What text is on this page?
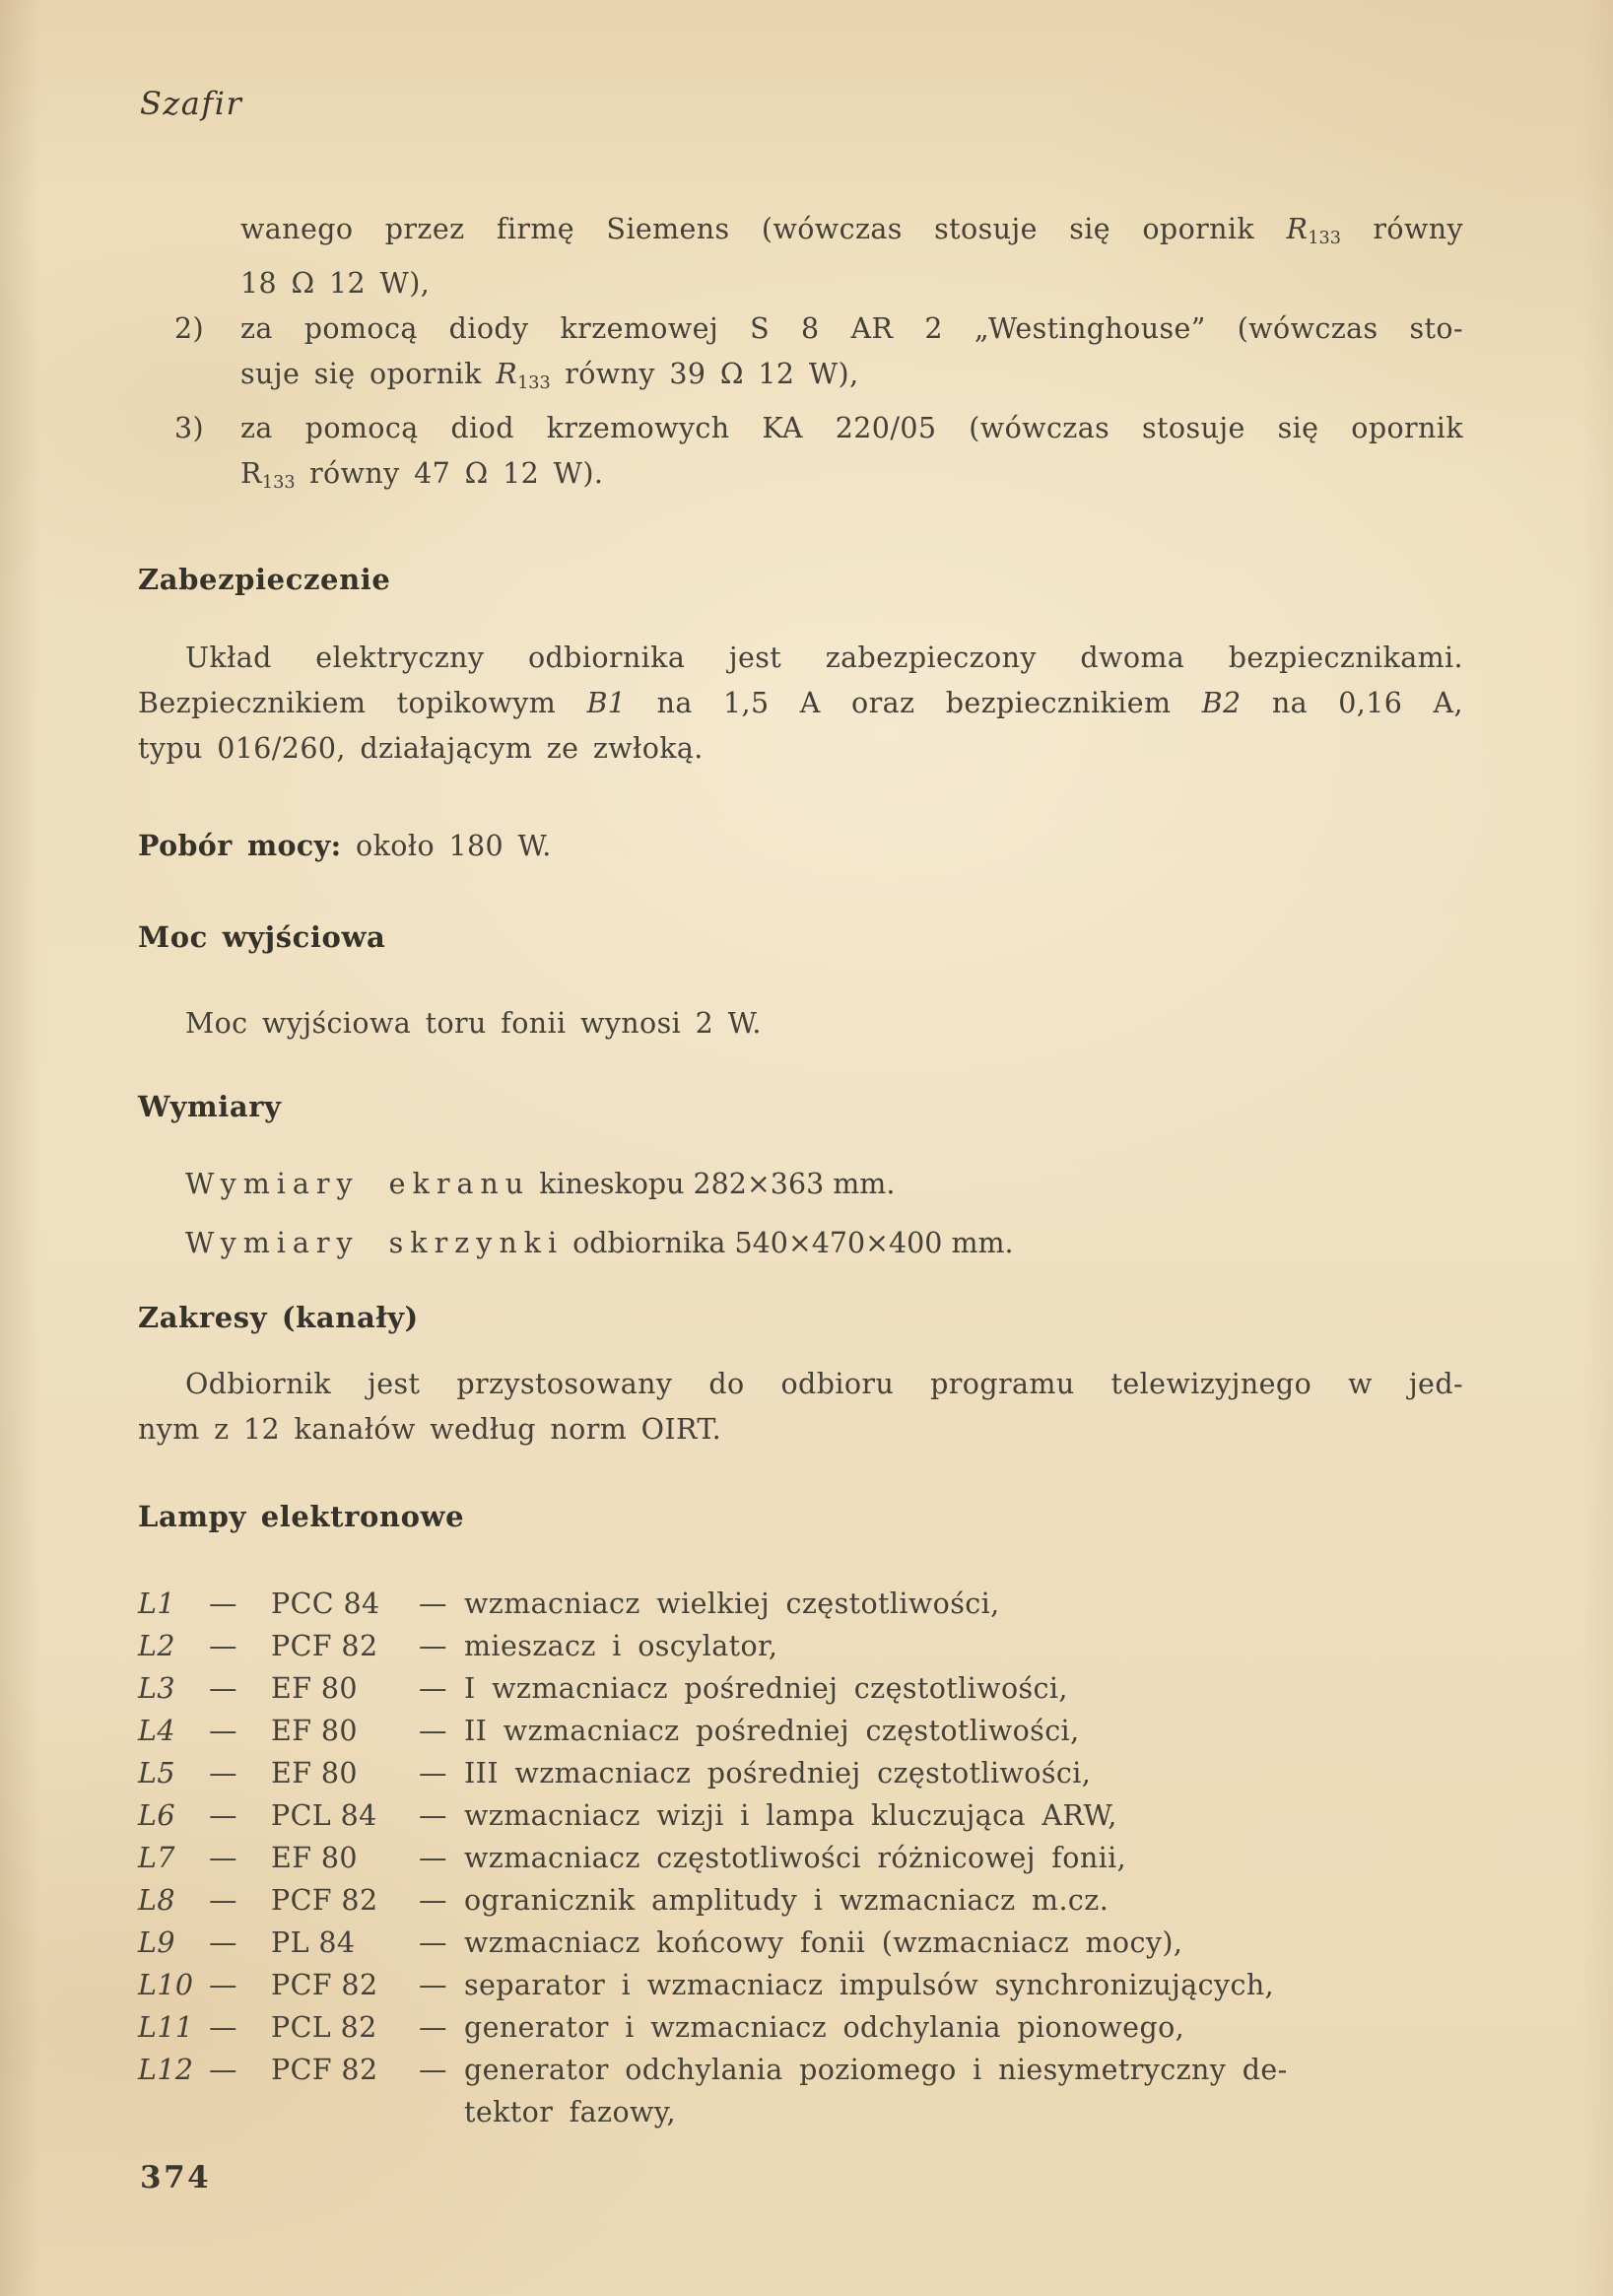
Szafir
wanego przez firmę Siemens (wówczas stosuje się opornik $R_{133}$ równy
18 Ω 12 W),
2)	za pomocą diody krzemowej S 8 AR 2 „Westinghouse” (wówczas sto-
suje się opornik $R_{133}$ równy 39 Ω 12 W),
3)	za pomocą diod krzemowych KA 220/05 (wówczas stosuje się opornik
$R_{133}$ równy 47 Ω 12 W).
Zabezpieczenie
Układ elektryczny odbiornika jest zabezpieczony dwoma bezpiecznikami.
Bezpiecznikiem topikowym B1 na 1,5 A oraz bezpiecznikiem B2 na 0,16 A,
typu 016/260, działającym ze zwłoką.
Pobór mocy: około 180 W.
Moc wyjściowa
Moc wyjściowa toru fonii wynosi 2 W.
Wymiary
Wymiary ekranu kineskopu 282×363 mm.
Wymiary skrzynki odbiornika 540×470×400 mm.
Zakresy (kanały)
Odbiornik jest przystosowany do odbioru programu telewizyjnego w jed-
nym z 12 kanałów według norm OIRT.
Lampy elektronowe
L1	—	PCC 84	— wzmacniacz wielkiej częstotliwości,
L2	—	PCF 82	— mieszacz i oscylator,
L3	—	EF 80	— I wzmacniacz pośredniej częstotliwości,
L4	—	EF 80	— II wzmacniacz pośredniej częstotliwości,
L5	—	EF 80	— III wzmacniacz pośredniej częstotliwości,
L6	—	PCL 84	— wzmacniacz wizji i lampa kluczująca ARW,
L7	—	EF 80	— wzmacniacz częstotliwości różnicowej fonii,
L8	—	PCF 82	— ogranicznik amplitudy i wzmacniacz m.cz.
L9	—	PL 84	— wzmacniacz końcowy fonii (wzmacniacz mocy),
L10 —	PCF 82	— separator i wzmacniacz impulsów synchronizujących,
L11 —	PCL 82	— generator i wzmacniacz odchylania pionowego,
L12 —	PCF 82	— generator odchylania poziomego i niesymetryczny de-
tektor fazowy,
374
